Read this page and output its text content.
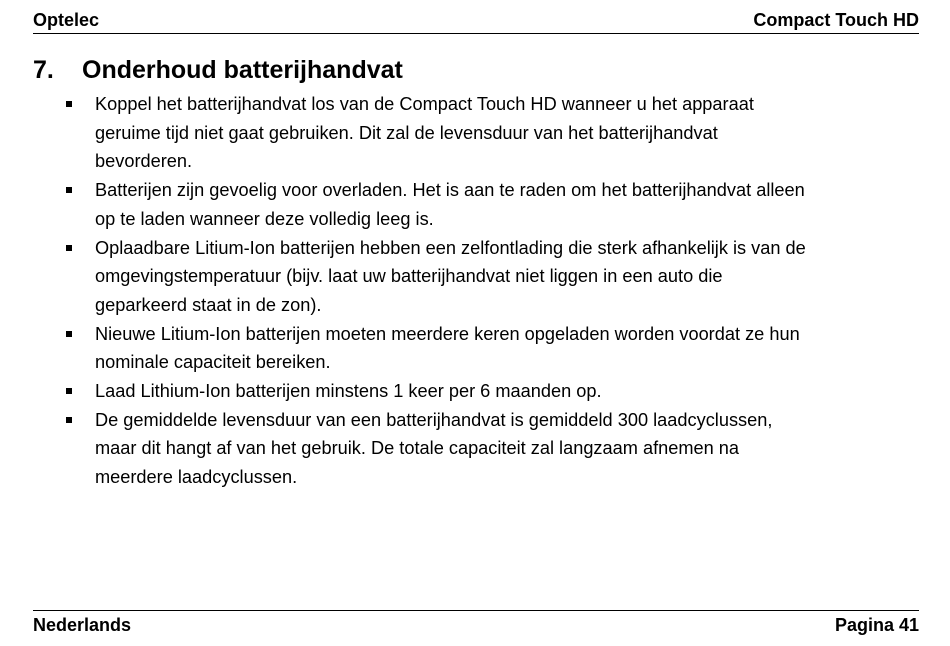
Optelec	Compact Touch HD
7. Onderhoud batterijhandvat
Koppel het batterijhandvat los van de Compact Touch HD wanneer u het apparaat
geruime tijd niet gaat gebruiken. Dit zal de levensduur van het batterijhandvat
bevorderen.
Batterijen zijn gevoelig voor overladen. Het is aan te raden om het batterijhandvat alleen
op te laden wanneer deze volledig leeg is.
Oplaadbare Litium-Ion batterijen hebben een zelfontlading die sterk afhankelijk is van de
omgevingstemperatuur (bijv. laat uw batterijhandvat niet liggen in een auto die
geparkeerd staat in de zon).
Nieuwe Litium-Ion batterijen moeten meerdere keren opgeladen worden voordat ze hun
nominale capaciteit bereiken.
Laad Lithium-Ion batterijen minstens 1 keer per 6 maanden op.
De gemiddelde levensduur van een batterijhandvat is gemiddeld 300 laadcyclussen,
maar dit hangt af van het gebruik. De totale capaciteit zal langzaam afnemen na
meerdere laadcyclussen.
Nederlands	Pagina 41
